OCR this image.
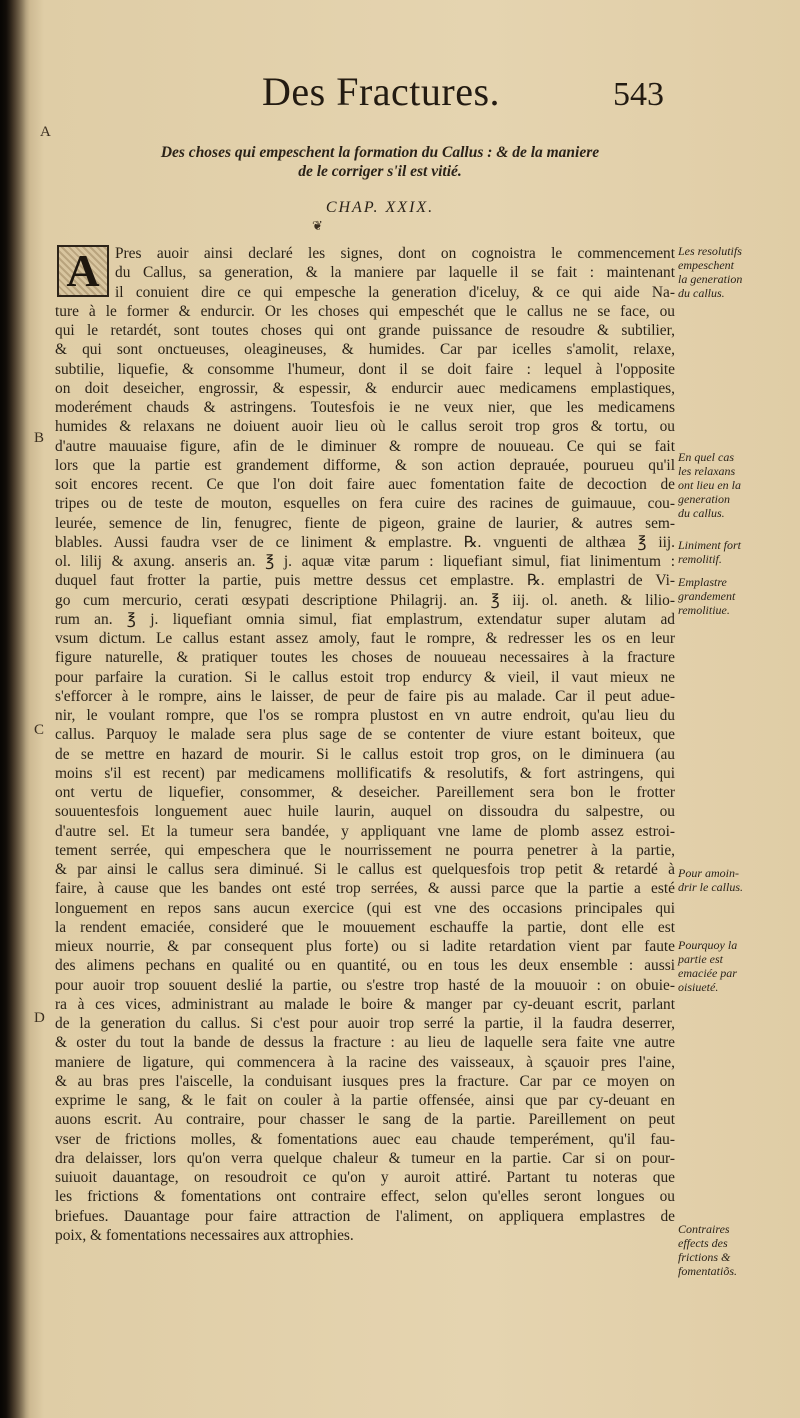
Des Fractures.	543
A
B
C
D
Des choses qui empeschent la formation du Callus : & de la maniere
de le corriger s'il est vitié.
CHAP. XXIX.
❦
A Pres auoir ainsi declaré les signes, dont on cognoistra le commencement
du Callus, sa generation, & la maniere par laquelle il se fait : maintenant
il conuient dire ce qui empesche la generation d'iceluy, & ce qui aide Na-
ture à le former & endurcir. Or les choses qui empeschét que le callus ne se face, ou
qui le retardét, sont toutes choses qui ont grande puissance de resoudre & subtilier,
& qui sont onctueuses, oleagineuses, & humides. Car par icelles s'amolit, relaxe,
subtilie, liquefie, & consomme l'humeur, dont il se doit faire : lequel à l'opposite
on doit deseicher, engrossir, & espessir, & endurcir auec medicamens emplastiques,
moderément chauds & astringens. Toutesfois ie ne veux nier, que les medicamens
humides & relaxans ne doiuent auoir lieu où le callus seroit trop gros & tortu, ou
d'autre mauuaise figure, afin de le diminuer & rompre de nouueau. Ce qui se fait
lors que la partie est grandement difforme, & son action deprauée, pourueu qu'il
soit encores recent. Ce que l'on doit faire auec fomentation faite de decoction de
tripes ou de teste de mouton, esquelles on fera cuire des racines de guimauue, cou-
leurée, semence de lin, fenugrec, fiente de pigeon, graine de laurier, & autres sem-
blables. Aussi faudra vser de ce liniment & emplastre. ℞. vnguenti de althæa ℥ iij.
ol. lilij & axung. anseris an. ℥ j. aquæ vitæ parum : liquefiant simul, fiat linimentum :
duquel faut frotter la partie, puis mettre dessus cet emplastre. ℞. emplastri de Vi-
go cum mercurio, cerati œsypati descriptione Philagrij. an. ℥ iij. ol. aneth. & lilio-
rum an. ℥ j. liquefiant omnia simul, fiat emplastrum, extendatur super alutam ad
vsum dictum. Le callus estant assez amoly, faut le rompre, & redresser les os en leur
figure naturelle, & pratiquer toutes les choses de nouueau necessaires à la fracture
pour parfaire la curation. Si le callus estoit trop endurcy & vieil, il vaut mieux ne
s'efforcer à le rompre, ains le laisser, de peur de faire pis au malade. Car il peut adue-
nir, le voulant rompre, que l'os se rompra plustost en vn autre endroit, qu'au lieu du
callus. Parquoy le malade sera plus sage de se contenter de viure estant boiteux, que
de se mettre en hazard de mourir. Si le callus estoit trop gros, on le diminuera (au
moins s'il est recent) par medicamens mollificatifs & resolutifs, & fort astringens, qui
ont vertu de liquefier, consommer, & deseicher. Pareillement sera bon le frotter
souuentesfois longuement auec huile laurin, auquel on dissoudra du salpestre, ou
d'autre sel. Et la tumeur sera bandée, y appliquant vne lame de plomb assez estroi-
tement serrée, qui empeschera que le nourrissement ne pourra penetrer à la partie,
& par ainsi le callus sera diminué. Si le callus est quelquesfois trop petit & retardé à
faire, à cause que les bandes ont esté trop serrées, & aussi parce que la partie a esté
longuement en repos sans aucun exercice (qui est vne des occasions principales qui
la rendent emaciée, consideré que le mouuement eschauffe la partie, dont elle est
mieux nourrie, & par consequent plus forte) ou si ladite retardation vient par faute
des alimens pechans en qualité ou en quantité, ou en tous les deux ensemble : aussi
pour auoir trop souuent deslié la partie, ou s'estre trop hasté de la mouuoir : on obuie-
ra à ces vices, administrant au malade le boire & manger par cy-deuant escrit, parlant
de la generation du callus. Si c'est pour auoir trop serré la partie, il la faudra deserrer,
& oster du tout la bande de dessus la fracture : au lieu de laquelle sera faite vne autre
maniere de ligature, qui commencera à la racine des vaisseaux, à sçauoir pres l'aine,
& au bras pres l'aiscelle, la conduisant iusques pres la fracture. Car par ce moyen on
exprime le sang, & le fait on couler à la partie offensée, ainsi que par cy-deuant en
auons escrit. Au contraire, pour chasser le sang de la partie. Pareillement on peut
vser de frictions molles, & fomentations auec eau chaude temperément, qu'il fau-
dra delaisser, lors qu'on verra quelque chaleur & tumeur en la partie. Car si on pour-
suiuoit dauantage, on resoudroit ce qu'on y auroit attiré. Partant tu noteras que
les frictions & fomentations ont contraire effect, selon qu'elles seront longues ou
briefues. Dauantage pour faire attraction de l'aliment, on appliquera emplastres de
poix, & fomentations necessaires aux attrophies.
Les resolutifs
empeschent
la generation
du callus.
En quel cas
les relaxans
ont lieu en la
generation
du callus.
Liniment fort
remolitif.
Emplastre
grandement
remolitiue.
Pour amoin-
drir le callus.
Pourquoy la
partie est
emaciée par
oisiueté.
Contraires
effects des
frictions &
fomentatiõs.
